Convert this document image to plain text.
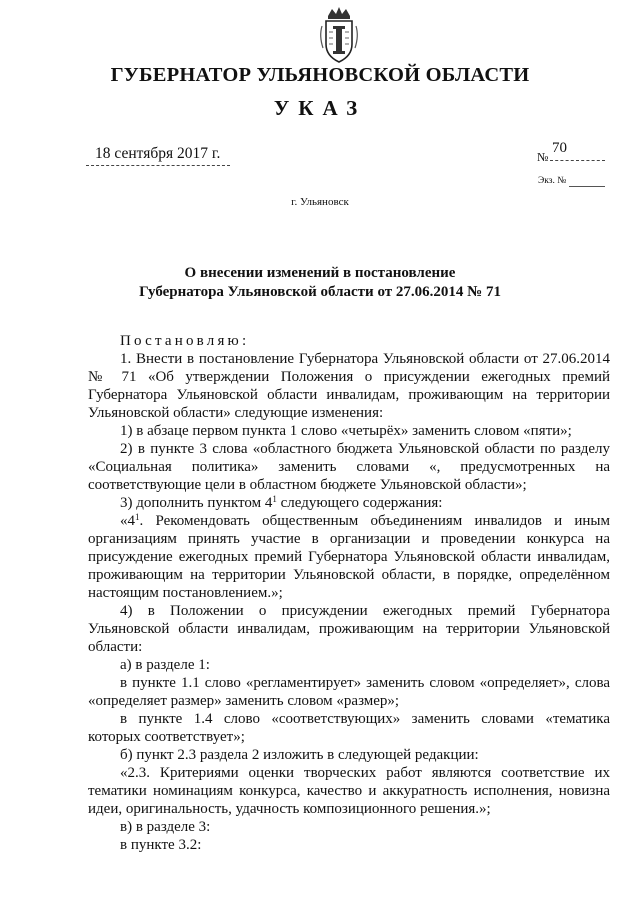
ГУБЕРНАТОР УЛЬЯНОВСКОЙ ОБЛАСТИ
УКАЗ
18 сентября 2017 г.	№
70
Экз. №
г. Ульяновск
О внесении изменений в постановление
Губернатора Ульяновской области от 27.06.2014 № 71

Постановляю:

1. Внести в постановление Губернатора Ульяновской области от 27.06.2014 № 71 «Об утверждении Положения о присуждении ежегодных премий Губернатора Ульяновской области инвалидам, проживающим на территории Ульяновской области» следующие изменения:

1) в абзаце первом пункта 1 слово «четырёх» заменить словом «пяти»;

2) в пункте 3 слова «областного бюджета Ульяновской области по разделу «Социальная политика» заменить словами «, предусмотренных на соответствующие цели в областном бюджете Ульяновской области»;

3) дополнить пунктом $4^1$ следующего содержания:

«$4^1$. Рекомендовать общественным объединениям инвалидов и иным организациям принять участие в организации и проведении конкурса на присуждение ежегодных премий Губернатора Ульяновской области инвалидам, проживающим на территории Ульяновской области, в порядке, определённом настоящим постановлением.»;

4) в Положении о присуждении ежегодных премий Губернатора Ульяновской области инвалидам, проживающим на территории Ульяновской области:

а) в разделе 1:

в пункте 1.1 слово «регламентирует» заменить словом «определяет», слова «определяет размер» заменить словом «размер»;

в пункте 1.4 слово «соответствующих» заменить словами «тематика которых соответствует»;

б) пункт 2.3 раздела 2 изложить в следующей редакции:

«2.3. Критериями оценки творческих работ являются соответствие их тематики номинациям конкурса, качество и аккуратность исполнения, новизна идеи, оригинальность, удачность композиционного решения.»;

в) в разделе 3:

в пункте 3.2:
